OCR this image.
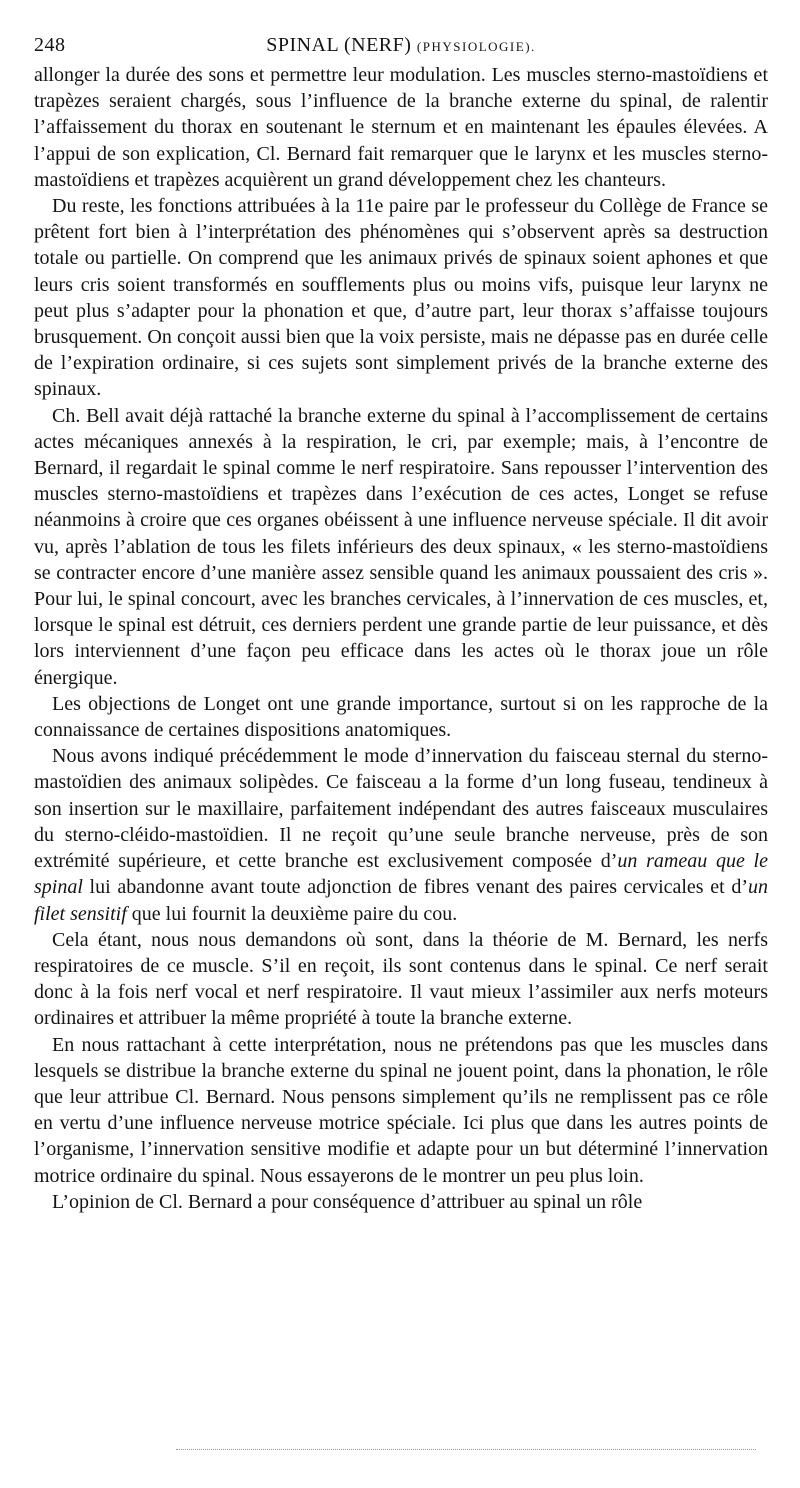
248	SPINAL (NERF) (PHYSIOLOGIE).

allonger la durée des sons et permettre leur modulation. Les muscles sterno-mastoïdiens et trapèzes seraient chargés, sous l’influence de la branche externe du spinal, de ralentir l’affaissement du thorax en soutenant le sternum et en maintenant les épaules élevées. A l’appui de son explication, Cl. Bernard fait remarquer que le larynx et les muscles sterno-mastoïdiens et trapèzes acquièrent un grand développement chez les chanteurs.

Du reste, les fonctions attribuées à la 11e paire par le professeur du Collège de France se prêtent fort bien à l’interprétation des phénomènes qui s’observent après sa destruction totale ou partielle. On comprend que les animaux privés de spinaux soient aphones et que leurs cris soient transformés en soufflements plus ou moins vifs, puisque leur larynx ne peut plus s’adapter pour la phonation et que, d’autre part, leur thorax s’affaisse toujours brusquement. On conçoit aussi bien que la voix persiste, mais ne dépasse pas en durée celle de l’expiration ordinaire, si ces sujets sont simplement privés de la branche externe des spinaux.

Ch. Bell avait déjà rattaché la branche externe du spinal à l’accomplissement de certains actes mécaniques annexés à la respiration, le cri, par exemple; mais, à l’encontre de Bernard, il regardait le spinal comme le nerf respiratoire. Sans repousser l’intervention des muscles sterno-mastoïdiens et trapèzes dans l’exécution de ces actes, Longet se refuse néanmoins à croire que ces organes obéissent à une influence nerveuse spéciale. Il dit avoir vu, après l’ablation de tous les filets inférieurs des deux spinaux, « les sterno-mastoïdiens se contracter encore d’une manière assez sensible quand les animaux poussaient des cris ». Pour lui, le spinal concourt, avec les branches cervicales, à l’innervation de ces muscles, et, lorsque le spinal est détruit, ces derniers perdent une grande partie de leur puissance, et dès lors interviennent d’une façon peu efficace dans les actes où le thorax joue un rôle énergique.

Les objections de Longet ont une grande importance, surtout si on les rapproche de la connaissance de certaines dispositions anatomiques.

Nous avons indiqué précédemment le mode d’innervation du faisceau sternal du sterno-mastoïdien des animaux solipèdes. Ce faisceau a la forme d’un long fuseau, tendineux à son insertion sur le maxillaire, parfaitement indépendant des autres faisceaux musculaires du sterno-cléido-mastoïdien. Il ne reçoit qu’une seule branche nerveuse, près de son extrémité supérieure, et cette branche est exclusivement composée d’un rameau que le spinal lui abandonne avant toute adjonction de fibres venant des paires cervicales et d’un filet sensitif que lui fournit la deuxième paire du cou.

Cela étant, nous nous demandons où sont, dans la théorie de M. Bernard, les nerfs respiratoires de ce muscle. S’il en reçoit, ils sont contenus dans le spinal. Ce nerf serait donc à la fois nerf vocal et nerf respiratoire. Il vaut mieux l’assimiler aux nerfs moteurs ordinaires et attribuer la même propriété à toute la branche externe.

En nous rattachant à cette interprétation, nous ne prétendons pas que les muscles dans lesquels se distribue la branche externe du spinal ne jouent point, dans la phonation, le rôle que leur attribue Cl. Bernard. Nous pensons simplement qu’ils ne remplissent pas ce rôle en vertu d’une influence nerveuse motrice spéciale. Ici plus que dans les autres points de l’organisme, l’innervation sensitive modifie et adapte pour un but déterminé l’innervation motrice ordinaire du spinal. Nous essayerons de le montrer un peu plus loin.

L’opinion de Cl. Bernard a pour conséquence d’attribuer au spinal un rôle
